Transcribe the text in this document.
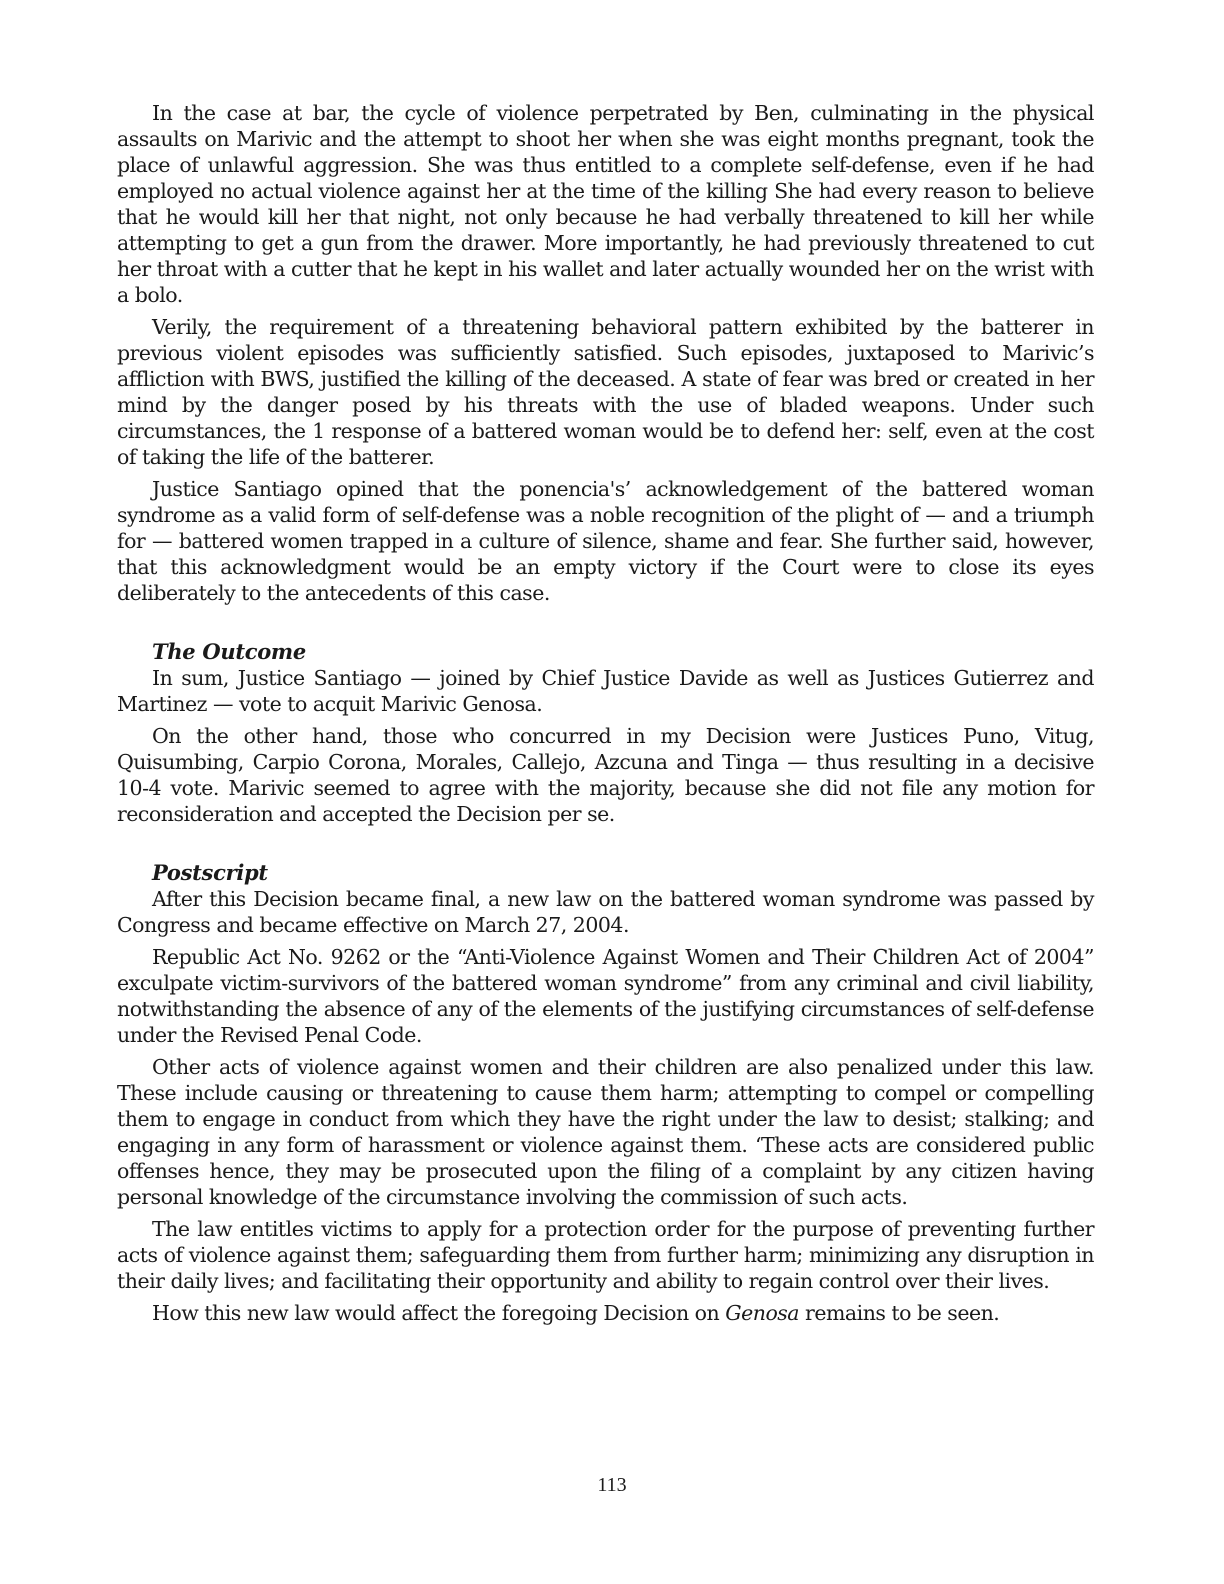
In the case at bar, the cycle of violence perpetrated by Ben, culminating in the physical assaults on Marivic and the attempt to shoot her when she was eight months pregnant, took the place of unlawful aggression. She was thus entitled to a complete self-defense, even if he had employed no actual violence against her at the time of the killing She had every reason to believe that he would kill her that night, not only because he had verbally threatened to kill her while attempting to get a gun from the drawer. More importantly, he had previously threatened to cut her throat with a cutter that he kept in his wallet and later actually wounded her on the wrist with a bolo.

Verily, the requirement of a threatening behavioral pattern exhibited by the batterer in previous violent episodes was sufficiently satisfied. Such episodes, juxtaposed to Marivic’s affliction with BWS, justified the killing of the deceased. A state of fear was bred or created in her mind by the danger posed by his threats with the use of bladed weapons. Under such circumstances, the 1 response of a battered woman would be to defend her: self, even at the cost of taking the life of the batterer.

Justice Santiago opined that the ponencia's’ acknowledgement of the battered woman syndrome as a valid form of self-defense was a noble recognition of the plight of — and a triumph for — battered women trapped in a culture of silence, shame and fear. She further said, however, that this acknowledgment would be an empty victory if the Court were to close its eyes deliberately to the antecedents of this case.

The Outcome

In sum, Justice Santiago — joined by Chief Justice Davide as well as Justices Gutierrez and Martinez — vote to acquit Marivic Genosa.

On the other hand, those who concurred in my Decision were Justices Puno, Vitug, Quisumbing, Carpio Corona, Morales, Callejo, Azcuna and Tinga — thus resulting in a decisive 10-4 vote. Marivic seemed to agree with the majority, because she did not file any motion for reconsideration and accepted the Decision per se.

Postscript

After this Decision became final, a new law on the battered woman syndrome was passed by Congress and became effective on March 27, 2004.

Republic Act No. 9262 or the “Anti-Violence Against Women and Their Children Act of 2004” exculpate victim-survivors of the battered woman syndrome” from any criminal and civil liability, notwithstanding the absence of any of the elements of the justifying circumstances of self-defense under the Revised Penal Code.

Other acts of violence against women and their children are also penalized under this law. These include causing or threatening to cause them harm; attempting to compel or compelling them to engage in conduct from which they have the right under the law to desist; stalking; and engaging in any form of harassment or violence against them. ‘These acts are considered public offenses hence, they may be prosecuted upon the filing of a complaint by any citizen having personal knowledge of the circumstance involving the commission of such acts.

The law entitles victims to apply for a protection order for the purpose of preventing further acts of violence against them; safeguarding them from further harm; minimizing any disruption in their daily lives; and facilitating their opportunity and ability to regain control over their lives.

How this new law would affect the foregoing Decision on Genosa remains to be seen.

113
